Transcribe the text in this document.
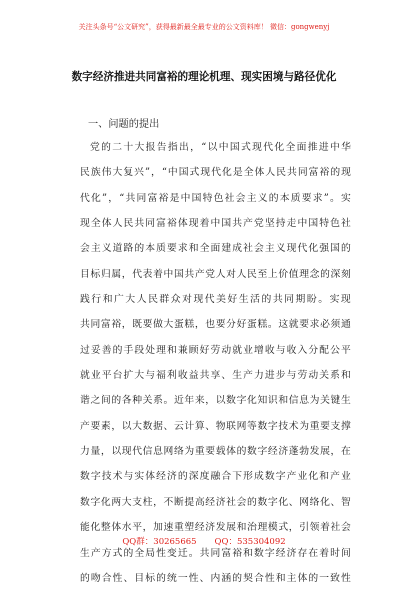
关注头条号“公文研究”，获得最新最全最专业的公文资料库！ 微信：gongwenyj
数字经济推进共同富裕的理论机理、现实困境与路径优化
一、问题的提出
党 的 二 十 大 报 告 指 出 ， “ 以 中 国 式 现 代 化 全 面 推 进 中 华
民 族 伟 大 复 兴 ” ， “ 中 国 式 现 代 化 是 全 体 人 民 共 同 富 裕 的 现
代 化 ” ， “ 共 同 富 裕 是 中 国 特 色 社 会 主 义 的 本 质 要 求 ” 。 实
现 全 体 人 民 共 同 富 裕 体 现 着 中 国 共 产 党 坚 持 走 中 国 特 色 社
会 主 义 道 路 的 本 质 要 求 和 全 面 建 成 社 会 主 义 现 代 化 强 国 的
目 标 归 属 ， 代 表 着 中 国 共 产 党 人 对 人 民 至 上 价 值 理 念 的 深 刻
践 行 和 广 大 人 民 群 众 对 现 代 美 好 生 活 的 共 同 期 盼 。 实 现
共 同 富 裕 ， 既 要 做 大 蛋 糕 ， 也 要 分 好 蛋 糕 。 这 就 要 求 必 须 通
过 妥 善 的 手 段 处 理 和 兼 顾 好 劳 动 就 业 增 收 与 收 入 分 配 公 平
就 业 平 台 扩 大 与 福 利 收 益 共 享 、 生 产 力 进 步 与 劳 动 关 系 和
谐 之 间 的 各 种 关 系 。 近 年 来 ， 以 数 字 化 知 识 和 信 息 为 关 键 生
产 要 素 ， 以 大 数 据 、 云 计 算 、 物 联 网 等 数 字 技 术 为 重 要 支 撑
力 量 ， 以 现 代 信 息 网 络 为 重 要 载 体 的 数 字 经 济 蓬 勃 发 展 ， 在
数 字 技 术 与 实 体 经 济 的 深 度 融 合 下 形 成 数 字 产 业 化 和 产 业
数 字 化 两 大 支 柱 ， 不 断 提 高 经 济 社 会 的 数 字 化 、 网 络 化 、 智
能 化 整 体 水 平 ， 加 速 重 塑 经 济 发 展 和 治 理 模 式 ， 引 领 着 社 会
生 产 方 式 的 全 局 性 变 迁 。 共 同 富 裕 和 数 字 经 济 存 在 着 时 间
的 吻 合 性 、 目 标 的 统 一 性 、 内 涵 的 契 合 性 和 主 体 的 一 致 性
QQ群：30265665 QQ：535304092
